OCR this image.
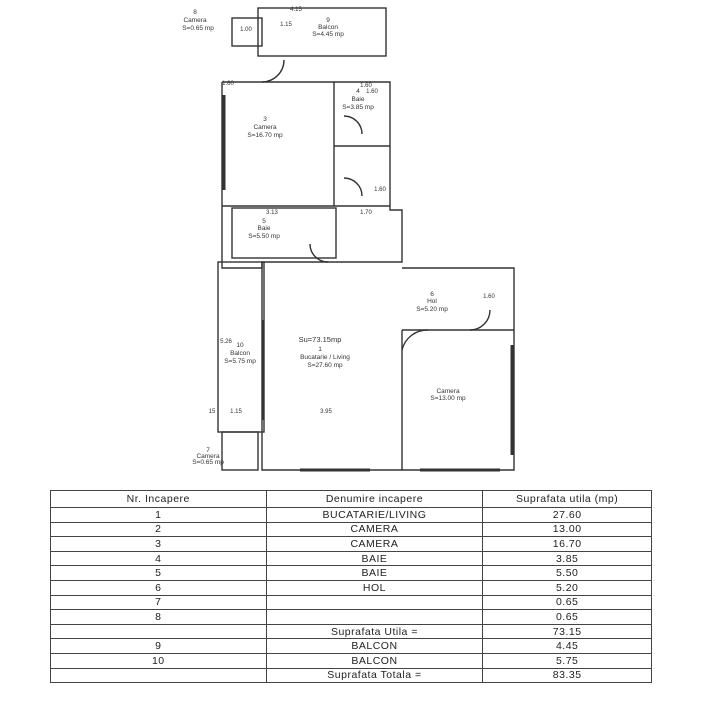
8
Camera
S=0.65 mp
9
Balcon
S=4.45 mp
4
Baie
S=3.85 mp
3
Camera
S=16.70 mp
5
Baie
S=5.50 mp
6
Hol
S=5.20 mp
10
Balcon
S=5.75 mp
Su=73.15mp
1
Bucatarie / Living
S=27.60 mp
Camera
S=13.00 mp
7
Camera
S=0.65 mp
4.15
1.00
1.15
1.60
1.60
3.13	1.70
1.60
5.26
1.15	3.95
15
1.60
1.60
Nr. Incapere	Denumire incapere	Suprafata utila (mp)
1	BUCATARIE/LIVING	27.60
2	CAMERA	13.00
3	CAMERA	16.70
4	BAIE	3.85
5	BAIE	5.50
6	HOL	5.20
7		0.65
8		0.65
	Suprafata Utila =	73.15
9	BALCON	4.45
10	BALCON	5.75
	Suprafata Totala =	83.35
